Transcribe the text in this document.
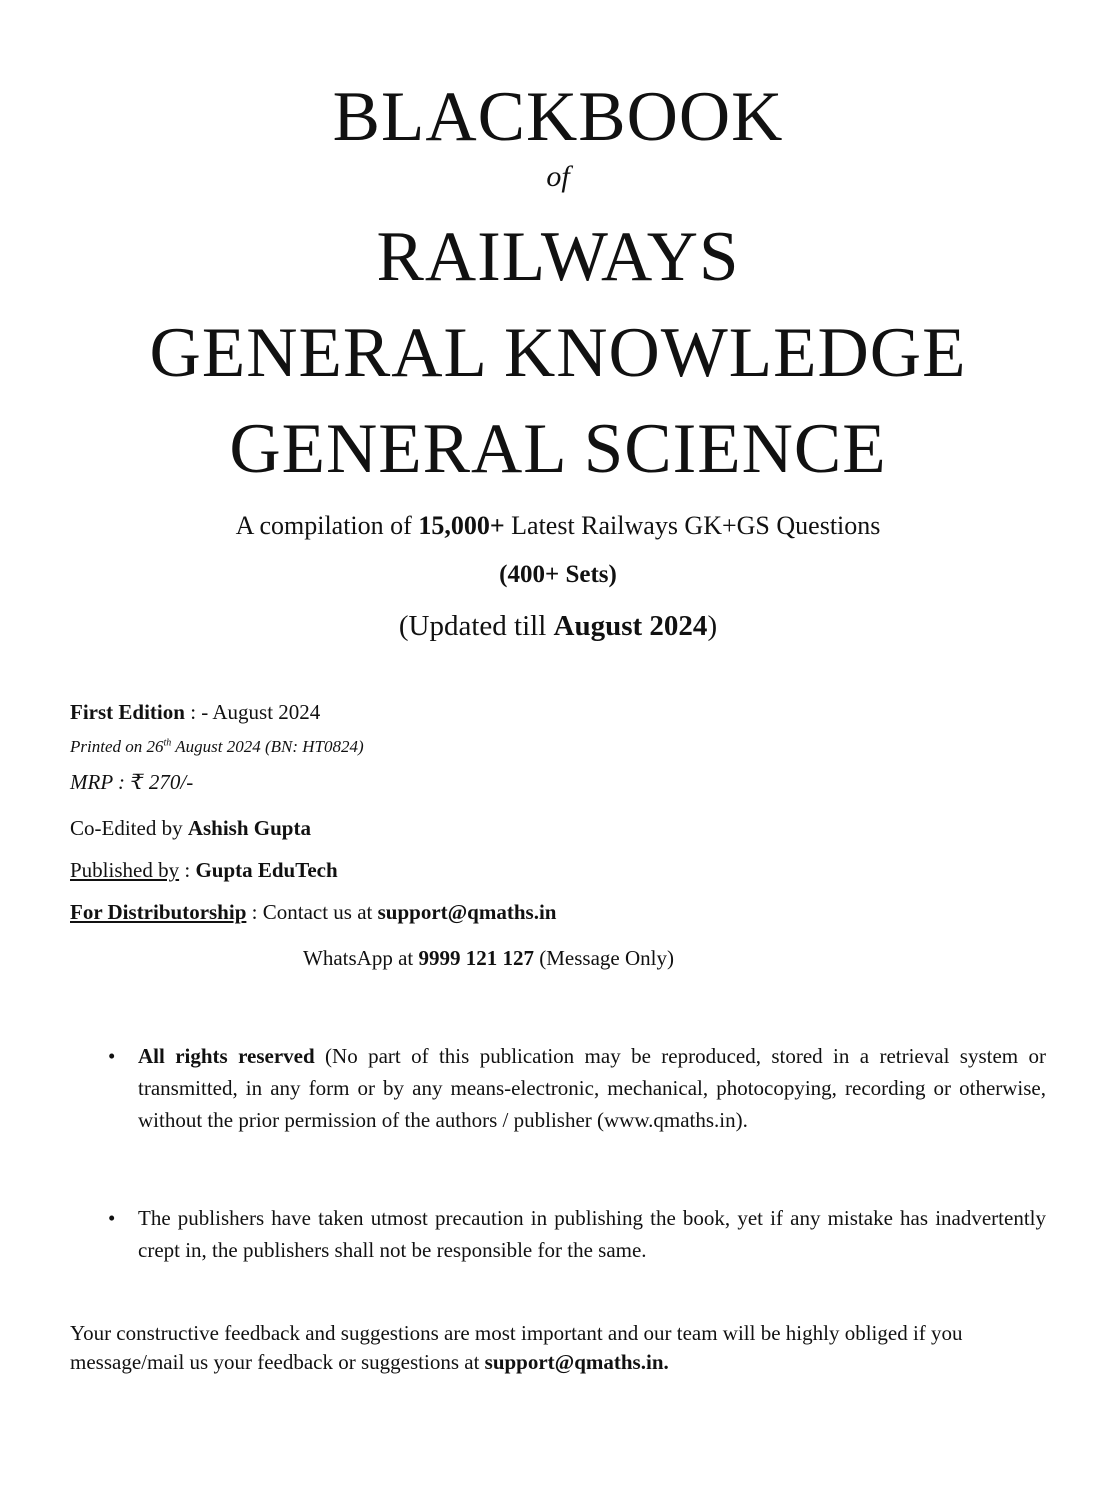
BLACKBOOK
of
RAILWAYS
GENERAL KNOWLEDGE
GENERAL SCIENCE
A compilation of 15,000+ Latest Railways GK+GS Questions
(400+ Sets)
(Updated till August 2024)
First Edition : - August 2024
Printed on 26th August 2024 (BN: HT0824)
MRP : ₹ 270/-
Co-Edited by Ashish Gupta
Published by : Gupta EduTech
For Distributorship : Contact us at support@qmaths.in
WhatsApp at 9999 121 127 (Message Only)
• All rights reserved (No part of this publication may be reproduced, stored in a retrieval system or transmitted, in any form or by any means-electronic, mechanical, photocopying, recording or otherwise, without the prior permission of the authors / publisher (www.qmaths.in).
• The publishers have taken utmost precaution in publishing the book, yet if any mistake has inadvertently crept in, the publishers shall not be responsible for the same.
Your constructive feedback and suggestions are most important and our team will be highly obliged if you message/mail us your feedback or suggestions at support@qmaths.in.
